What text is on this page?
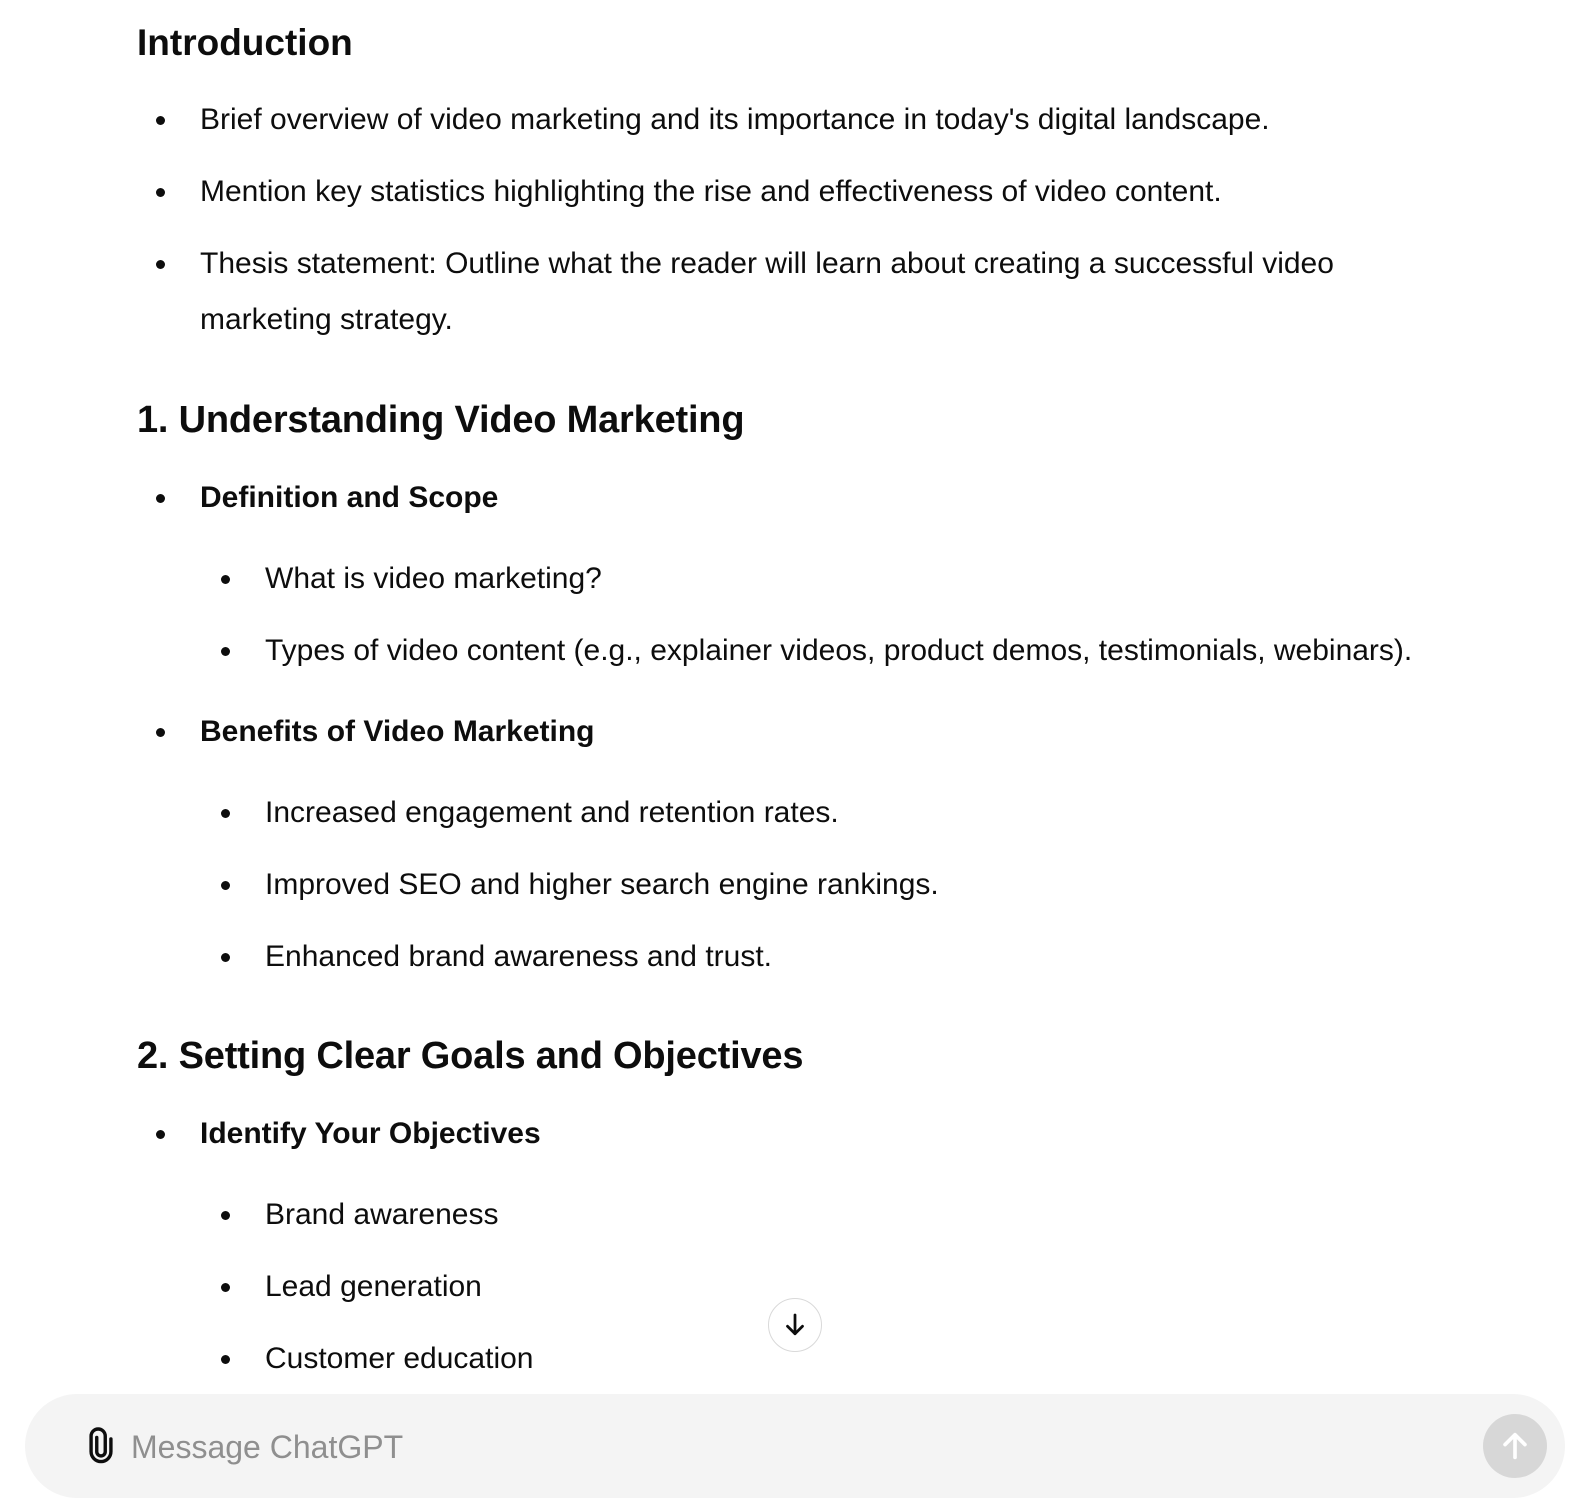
Introduction
Brief overview of video marketing and its importance in today's digital landscape.
Mention key statistics highlighting the rise and effectiveness of video content.
Thesis statement: Outline what the reader will learn about creating a successful video
marketing strategy.
1. Understanding Video Marketing
Definition and Scope
What is video marketing?
Types of video content (e.g., explainer videos, product demos, testimonials, webinars).
Benefits of Video Marketing
Increased engagement and retention rates.
Improved SEO and higher search engine rankings.
Enhanced brand awareness and trust.
2. Setting Clear Goals and Objectives
Identify Your Objectives
Brand awareness
Lead generation
Customer education
Message ChatGPT
